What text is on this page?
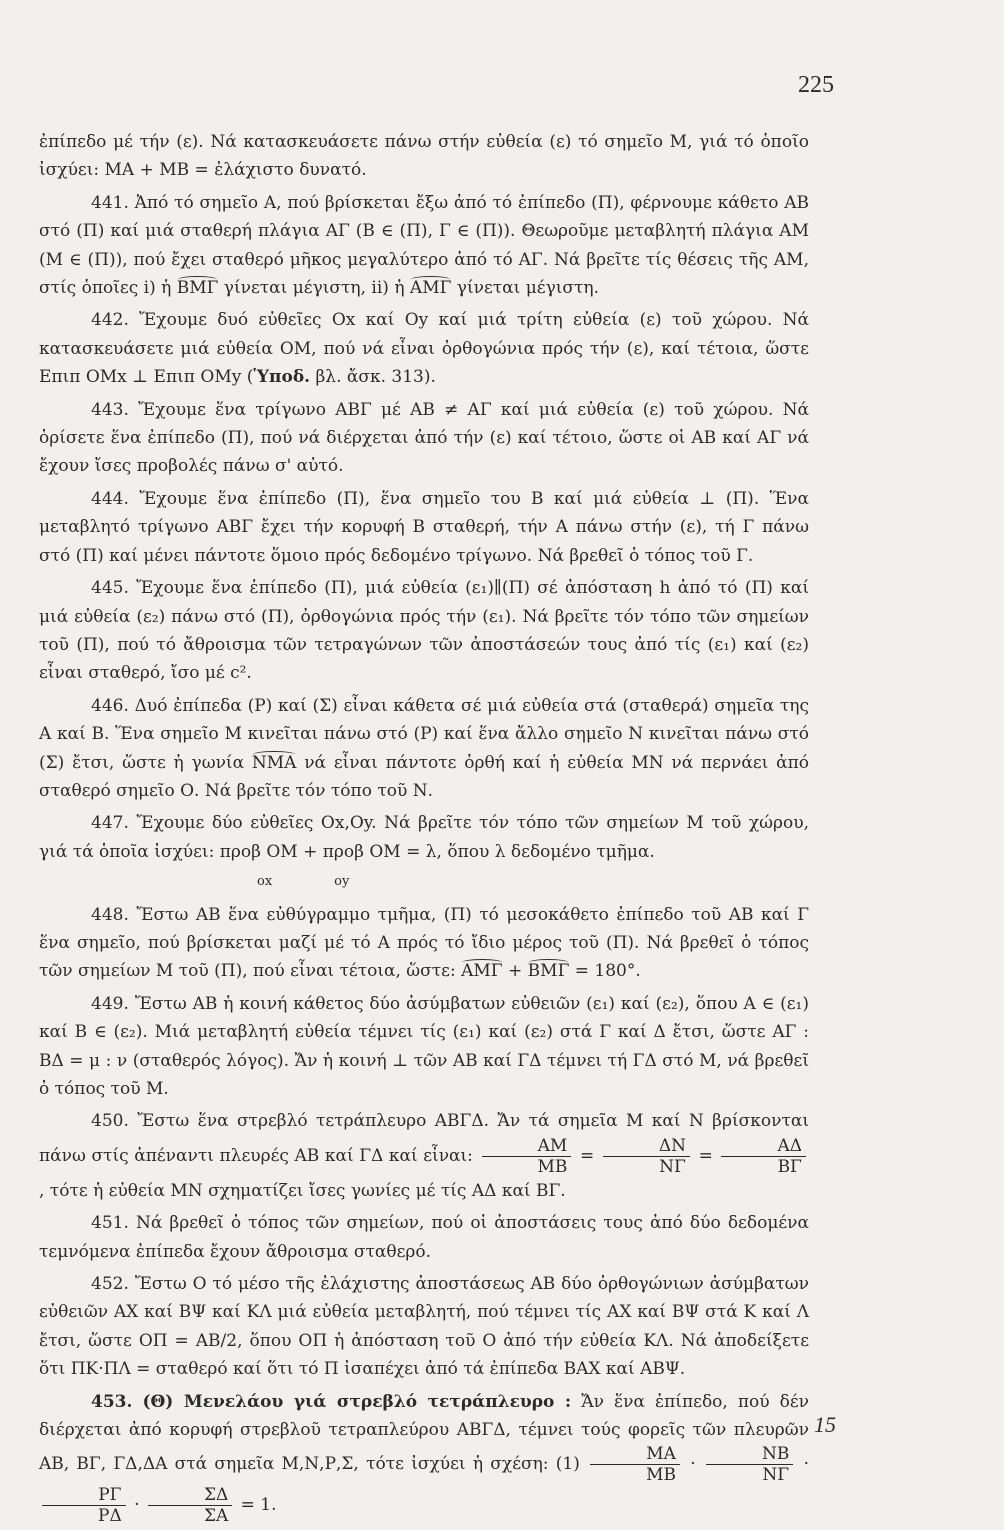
225

ἐπίπεδο μέ τήν (ε). Νά κατασκευάσετε πάνω στήν εὐθεία (ε) τό σημεῖο Μ, γιά τό ὁποῖο ἰσχύει: ΜΑ + ΜΒ = ἐλάχιστο δυνατό.

441. Ἀπό τό σημεῖο Α, πού βρίσκεται ἔξω ἀπό τό ἐπίπεδο (Π), φέρνουμε κάθετο ΑΒ στό (Π) καί μιά σταθερή πλάγια ΑΓ (Β ∈ (Π), Γ ∈ (Π)). Θεωροῦμε μεταβλητή πλάγια ΑΜ (Μ ∈ (Π)), πού ἔχει σταθερό μῆκος μεγαλύτερο ἀπό τό ΑΓ. Νά βρεῖτε τίς θέσεις τῆς ΑΜ, στίς ὁποῖες i) ἡ ΒΜΓ γίνεται μέγιστη, ii) ἡ ΑΜΓ γίνεται μέγιστη.

442. Ἔχουμε δυό εὐθεῖες Οx καί Οy καί μιά τρίτη εὐθεία (ε) τοῦ χώρου. Νά κατασκευάσετε μιά εὐθεία ΟΜ, πού νά εἶναι ὀρθογώνια πρός τήν (ε), καί τέτοια, ὥστε Επιπ ΟΜx ⊥ Επιπ ΟΜy (Ὑποδ. βλ. ἄσκ. 313).

443. Ἔχουμε ἕνα τρίγωνο ΑΒΓ μέ ΑΒ ≠ ΑΓ καί μιά εὐθεία (ε) τοῦ χώρου. Νά ὁρίσετε ἕνα ἐπίπεδο (Π), πού νά διέρχεται ἀπό τήν (ε) καί τέτοιο, ὥστε οἱ ΑΒ καί ΑΓ νά ἔχουν ἴσες προβολές πάνω σ' αὐτό.

444. Ἔχουμε ἕνα ἐπίπεδο (Π), ἕνα σημεῖο του Β καί μιά εὐθεία ⊥ (Π). Ἕνα μεταβλητό τρίγωνο ΑΒΓ ἔχει τήν κορυφή Β σταθερή, τήν Α πάνω στήν (ε), τή Γ πάνω στό (Π) καί μένει πάντοτε ὅμοιο πρός δεδομένο τρίγωνο. Νά βρεθεῖ ὁ τόπος τοῦ Γ.

445. Ἔχουμε ἕνα ἐπίπεδο (Π), μιά εὐθεία (ε₁)∥(Π) σέ ἀπόσταση h ἀπό τό (Π) καί μιά εὐθεία (ε₂) πάνω στό (Π), ὀρθογώνια πρός τήν (ε₁). Νά βρεῖτε τόν τόπο τῶν σημείων τοῦ (Π), πού τό ἄθροισμα τῶν τετραγώνων τῶν ἀποστάσεών τους ἀπό τίς (ε₁) καί (ε₂) εἶναι σταθερό, ἴσο μέ c².

446. Δυό ἐπίπεδα (Ρ) καί (Σ) εἶναι κάθετα σέ μιά εὐθεία στά (σταθερά) σημεῖα της Α καί Β. Ἕνα σημεῖο Μ κινεῖται πάνω στό (Ρ) καί ἕνα ἄλλο σημεῖο Ν κινεῖται πάνω στό (Σ) ἔτσι, ὥστε ἡ γωνία ΝΜΑ νά εἶναι πάντοτε ὀρθή καί ἡ εὐθεία ΜΝ νά περνάει ἀπό σταθερό σημεῖο Ο. Νά βρεῖτε τόν τόπο τοῦ Ν.

447. Ἔχουμε δύο εὐθεῖες Οx,Οy. Νά βρεῖτε τόν τόπο τῶν σημείων Μ τοῦ χώρου, γιά τά ὁποῖα ἰσχύει: προβ ΟΜ + προβ ΟΜ = λ, ὅπου λ δεδομένο τμῆμα.
οx	οy

448. Ἔστω ΑΒ ἕνα εὐθύγραμμο τμῆμα, (Π) τό μεσοκάθετο ἐπίπεδο τοῦ ΑΒ καί Γ ἕνα σημεῖο, πού βρίσκεται μαζί μέ τό Α πρός τό ἴδιο μέρος τοῦ (Π). Νά βρεθεῖ ὁ τόπος τῶν σημείων Μ τοῦ (Π), πού εἶναι τέτοια, ὥστε: ΑΜΓ + ΒΜΓ = 180°.

449. Ἔστω ΑΒ ἡ κοινή κάθετος δύο ἀσύμβατων εὐθειῶν (ε₁) καί (ε₂), ὅπου Α ∈ (ε₁) καί Β ∈ (ε₂). Μιά μεταβλητή εὐθεία τέμνει τίς (ε₁) καί (ε₂) στά Γ καί Δ ἔτσι, ὥστε ΑΓ : ΒΔ = μ : ν (σταθερός λόγος). Ἄν ἡ κοινή ⊥ τῶν ΑΒ καί ΓΔ τέμνει τή ΓΔ στό Μ, νά βρεθεῖ ὁ τόπος τοῦ Μ.

450. Ἔστω ἕνα στρεβλό τετράπλευρο ΑΒΓΔ. Ἄν τά σημεῖα Μ καί Ν βρίσκονται πάνω στίς ἀπέναντι πλευρές ΑΒ καί ΓΔ καί εἶναι: $\frac{AM}{MB} = \frac{\Delta N}{N\Gamma} = \frac{A\Delta}{B\Gamma}$
, τότε ἡ εὐθεία ΜΝ σχηματίζει ἴσες γωνίες μέ τίς ΑΔ καί ΒΓ.

451. Νά βρεθεῖ ὁ τόπος τῶν σημείων, πού οἱ ἀποστάσεις τους ἀπό δύο δεδομένα τεμνόμενα ἐπίπεδα ἔχουν ἄθροισμα σταθερό.

452. Ἔστω Ο τό μέσο τῆς ἐλάχιστης ἀποστάσεως ΑΒ δύο ὀρθογώνιων ἀσύμβατων εὐθειῶν ΑΧ καί ΒΨ καί ΚΛ μιά εὐθεία μεταβλητή, πού τέμνει τίς ΑΧ καί ΒΨ στά Κ καί Λ ἔτσι, ὥστε ΟΠ = ΑΒ/2, ὅπου ΟΠ ἡ ἀπόσταση τοῦ Ο ἀπό τήν εὐθεία ΚΛ. Νά ἀποδείξετε ὅτι ΠΚ·ΠΛ = σταθερό καί ὅτι τό Π ἰσαπέχει ἀπό τά ἐπίπεδα ΒΑΧ καί ΑΒΨ.

453. (Θ) Μενελάου γιά στρεβλό τετράπλευρο : Ἄν ἕνα ἐπίπεδο, πού δέν διέρχεται ἀπό κορυφή στρεβλοῦ τετραπλεύρου ΑΒΓΔ, τέμνει τούς φορεῖς τῶν πλευρῶν ΑΒ, ΒΓ, ΓΔ,ΔΑ στά σημεῖα Μ,Ν,Ρ,Σ, τότε ἰσχύει ἡ σχέση: $(1) \frac{MA}{MB} \cdot \frac{NB}{N\Gamma}$ ·
$\frac{P\Gamma}{P\Delta} \cdot \frac{\Sigma\Delta}{\Sigma A} = 1$.

15
